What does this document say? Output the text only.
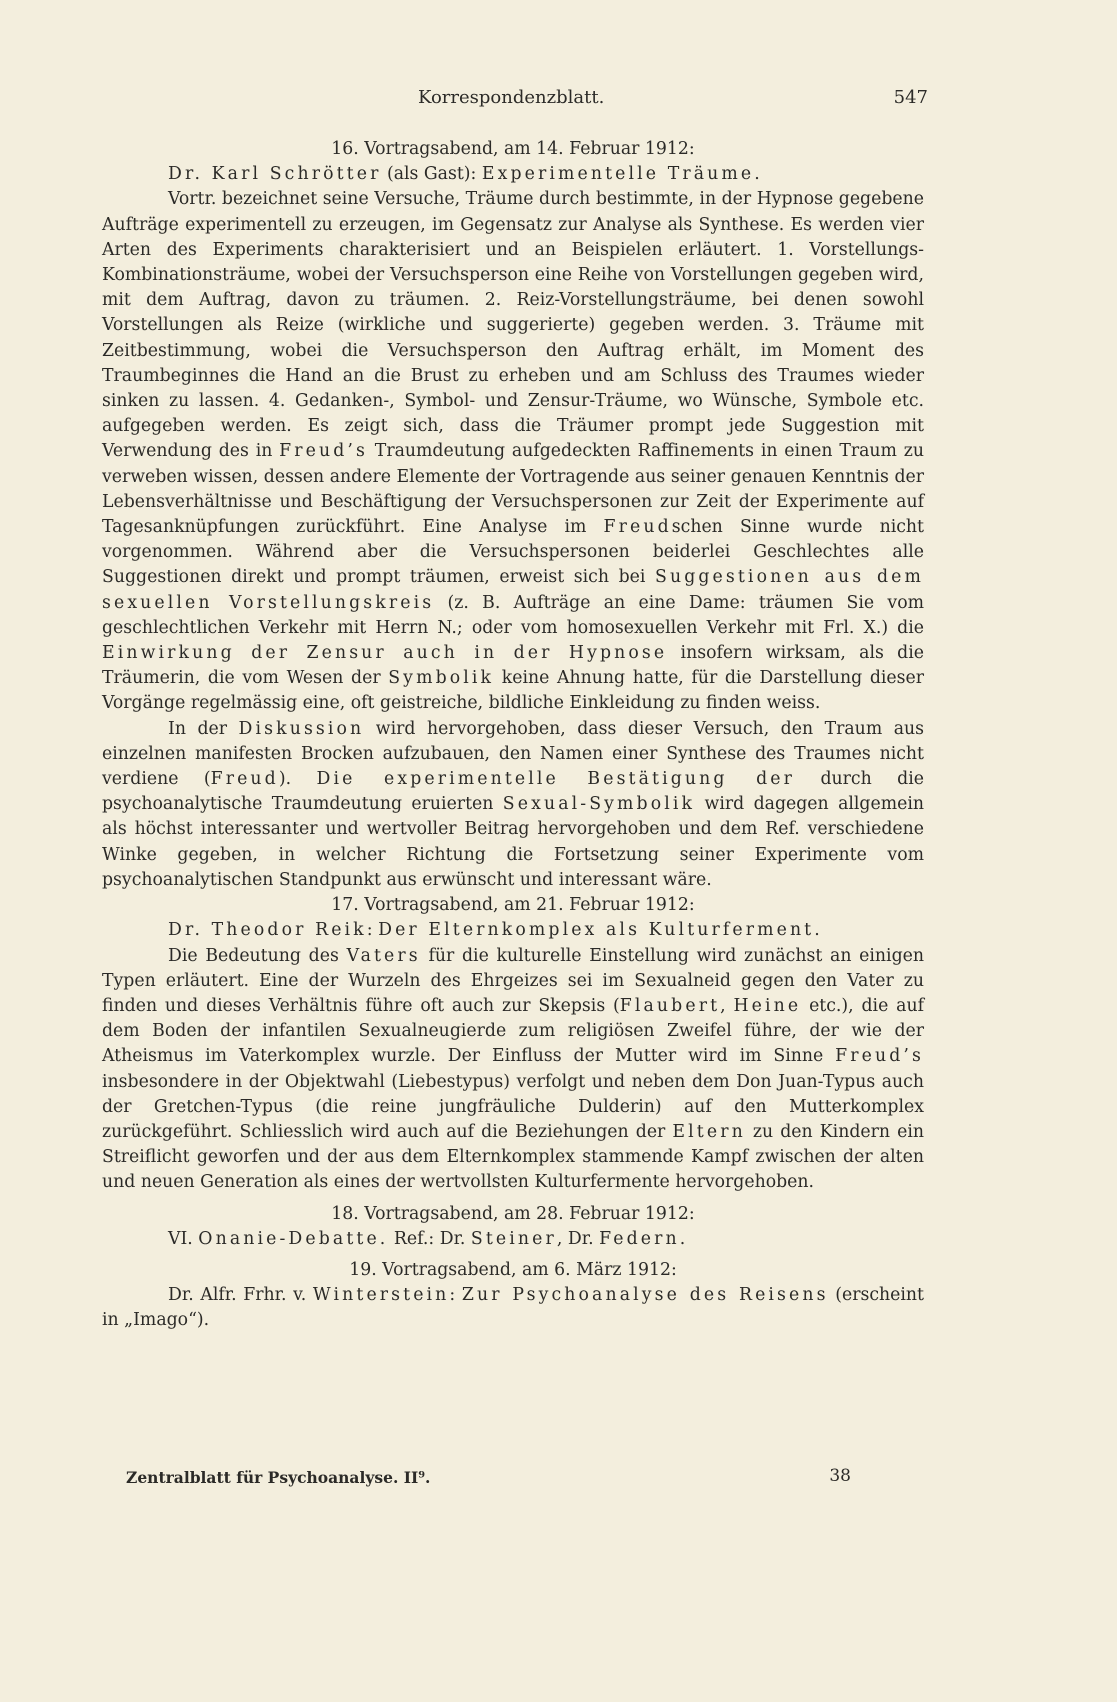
Korrespondenzblatt.	547

16. Vortragsabend, am 14. Februar 1912:

Dr. Karl Schrötter (als Gast): Experimentelle Träume.

Vortr. bezeichnet seine Versuche, Träume durch bestimmte, in der Hypnose gegebene Aufträge experimentell zu erzeugen, im Gegensatz zur Analyse als Synthese. Es werden vier Arten des Experiments charakterisiert und an Beispielen erläutert. 1. Vorstellungs-Kombinationsträume, wobei der Versuchsperson eine Reihe von Vorstellungen gegeben wird, mit dem Auftrag, davon zu träumen. 2. Reiz-Vorstellungsträume, bei denen sowohl Vorstellungen als Reize (wirkliche und suggerierte) gegeben werden. 3. Träume mit Zeitbestimmung, wobei die Versuchsperson den Auftrag erhält, im Moment des Traumbeginnes die Hand an die Brust zu erheben und am Schluss des Traumes wieder sinken zu lassen. 4. Gedanken-, Symbol- und Zensur-Träume, wo Wünsche, Symbole etc. aufgegeben werden. Es zeigt sich, dass die Träumer prompt jede Suggestion mit Verwendung des in Freud’s Traumdeutung aufgedeckten Raffinements in einen Traum zu verweben wissen, dessen andere Elemente der Vortragende aus seiner genauen Kenntnis der Lebensverhältnisse und Beschäftigung der Versuchspersonen zur Zeit der Experimente auf Tagesanknüpfungen zurückführt. Eine Analyse im Freudschen Sinne wurde nicht vorgenommen. Während aber die Versuchspersonen beiderlei Geschlechtes alle Suggestionen direkt und prompt träumen, erweist sich bei Suggestionen aus dem sexuellen Vorstellungskreis (z. B. Aufträge an eine Dame: träumen Sie vom geschlechtlichen Verkehr mit Herrn N.; oder vom homosexuellen Verkehr mit Frl. X.) die Einwirkung der Zensur auch in der Hypnose insofern wirksam, als die Träumerin, die vom Wesen der Symbolik keine Ahnung hatte, für die Darstellung dieser Vorgänge regelmässig eine, oft geistreiche, bildliche Einkleidung zu finden weiss.

In der Diskussion wird hervorgehoben, dass dieser Versuch, den Traum aus einzelnen manifesten Brocken aufzubauen, den Namen einer Synthese des Traumes nicht verdiene (Freud). Die experimentelle Bestätigung der durch die psychoanalytische Traumdeutung eruierten Sexual-Symbolik wird dagegen allgemein als höchst interessanter und wertvoller Beitrag hervorgehoben und dem Ref. verschiedene Winke gegeben, in welcher Richtung die Fortsetzung seiner Experimente vom psychoanalytischen Standpunkt aus erwünscht und interessant wäre.

17. Vortragsabend, am 21. Februar 1912:

Dr. Theodor Reik: Der Elternkomplex als Kulturferment.

Die Bedeutung des Vaters für die kulturelle Einstellung wird zunächst an einigen Typen erläutert. Eine der Wurzeln des Ehrgeizes sei im Sexualneid gegen den Vater zu finden und dieses Verhältnis führe oft auch zur Skepsis (Flaubert, Heine etc.), die auf dem Boden der infantilen Sexualneugierde zum religiösen Zweifel führe, der wie der Atheismus im Vaterkomplex wurzle. Der Einfluss der Mutter wird im Sinne Freud’s insbesondere in der Objektwahl (Liebestypus) verfolgt und neben dem Don Juan-Typus auch der Gretchen-Typus (die reine jungfräuliche Dulderin) auf den Mutterkomplex zurückgeführt. Schliesslich wird auch auf die Beziehungen der Eltern zu den Kindern ein Streiflicht geworfen und der aus dem Elternkomplex stammende Kampf zwischen der alten und neuen Generation als eines der wertvollsten Kulturfermente hervorgehoben.

18. Vortragsabend, am 28. Februar 1912:

VI. Onanie-Debatte. Ref.: Dr. Steiner, Dr. Federn.

19. Vortragsabend, am 6. März 1912:

Dr. Alfr. Frhr. v. Winterstein: Zur Psychoanalyse des Reisens (erscheint in „Imago“).

Zentralblatt für Psychoanalyse. II⁹.	38
